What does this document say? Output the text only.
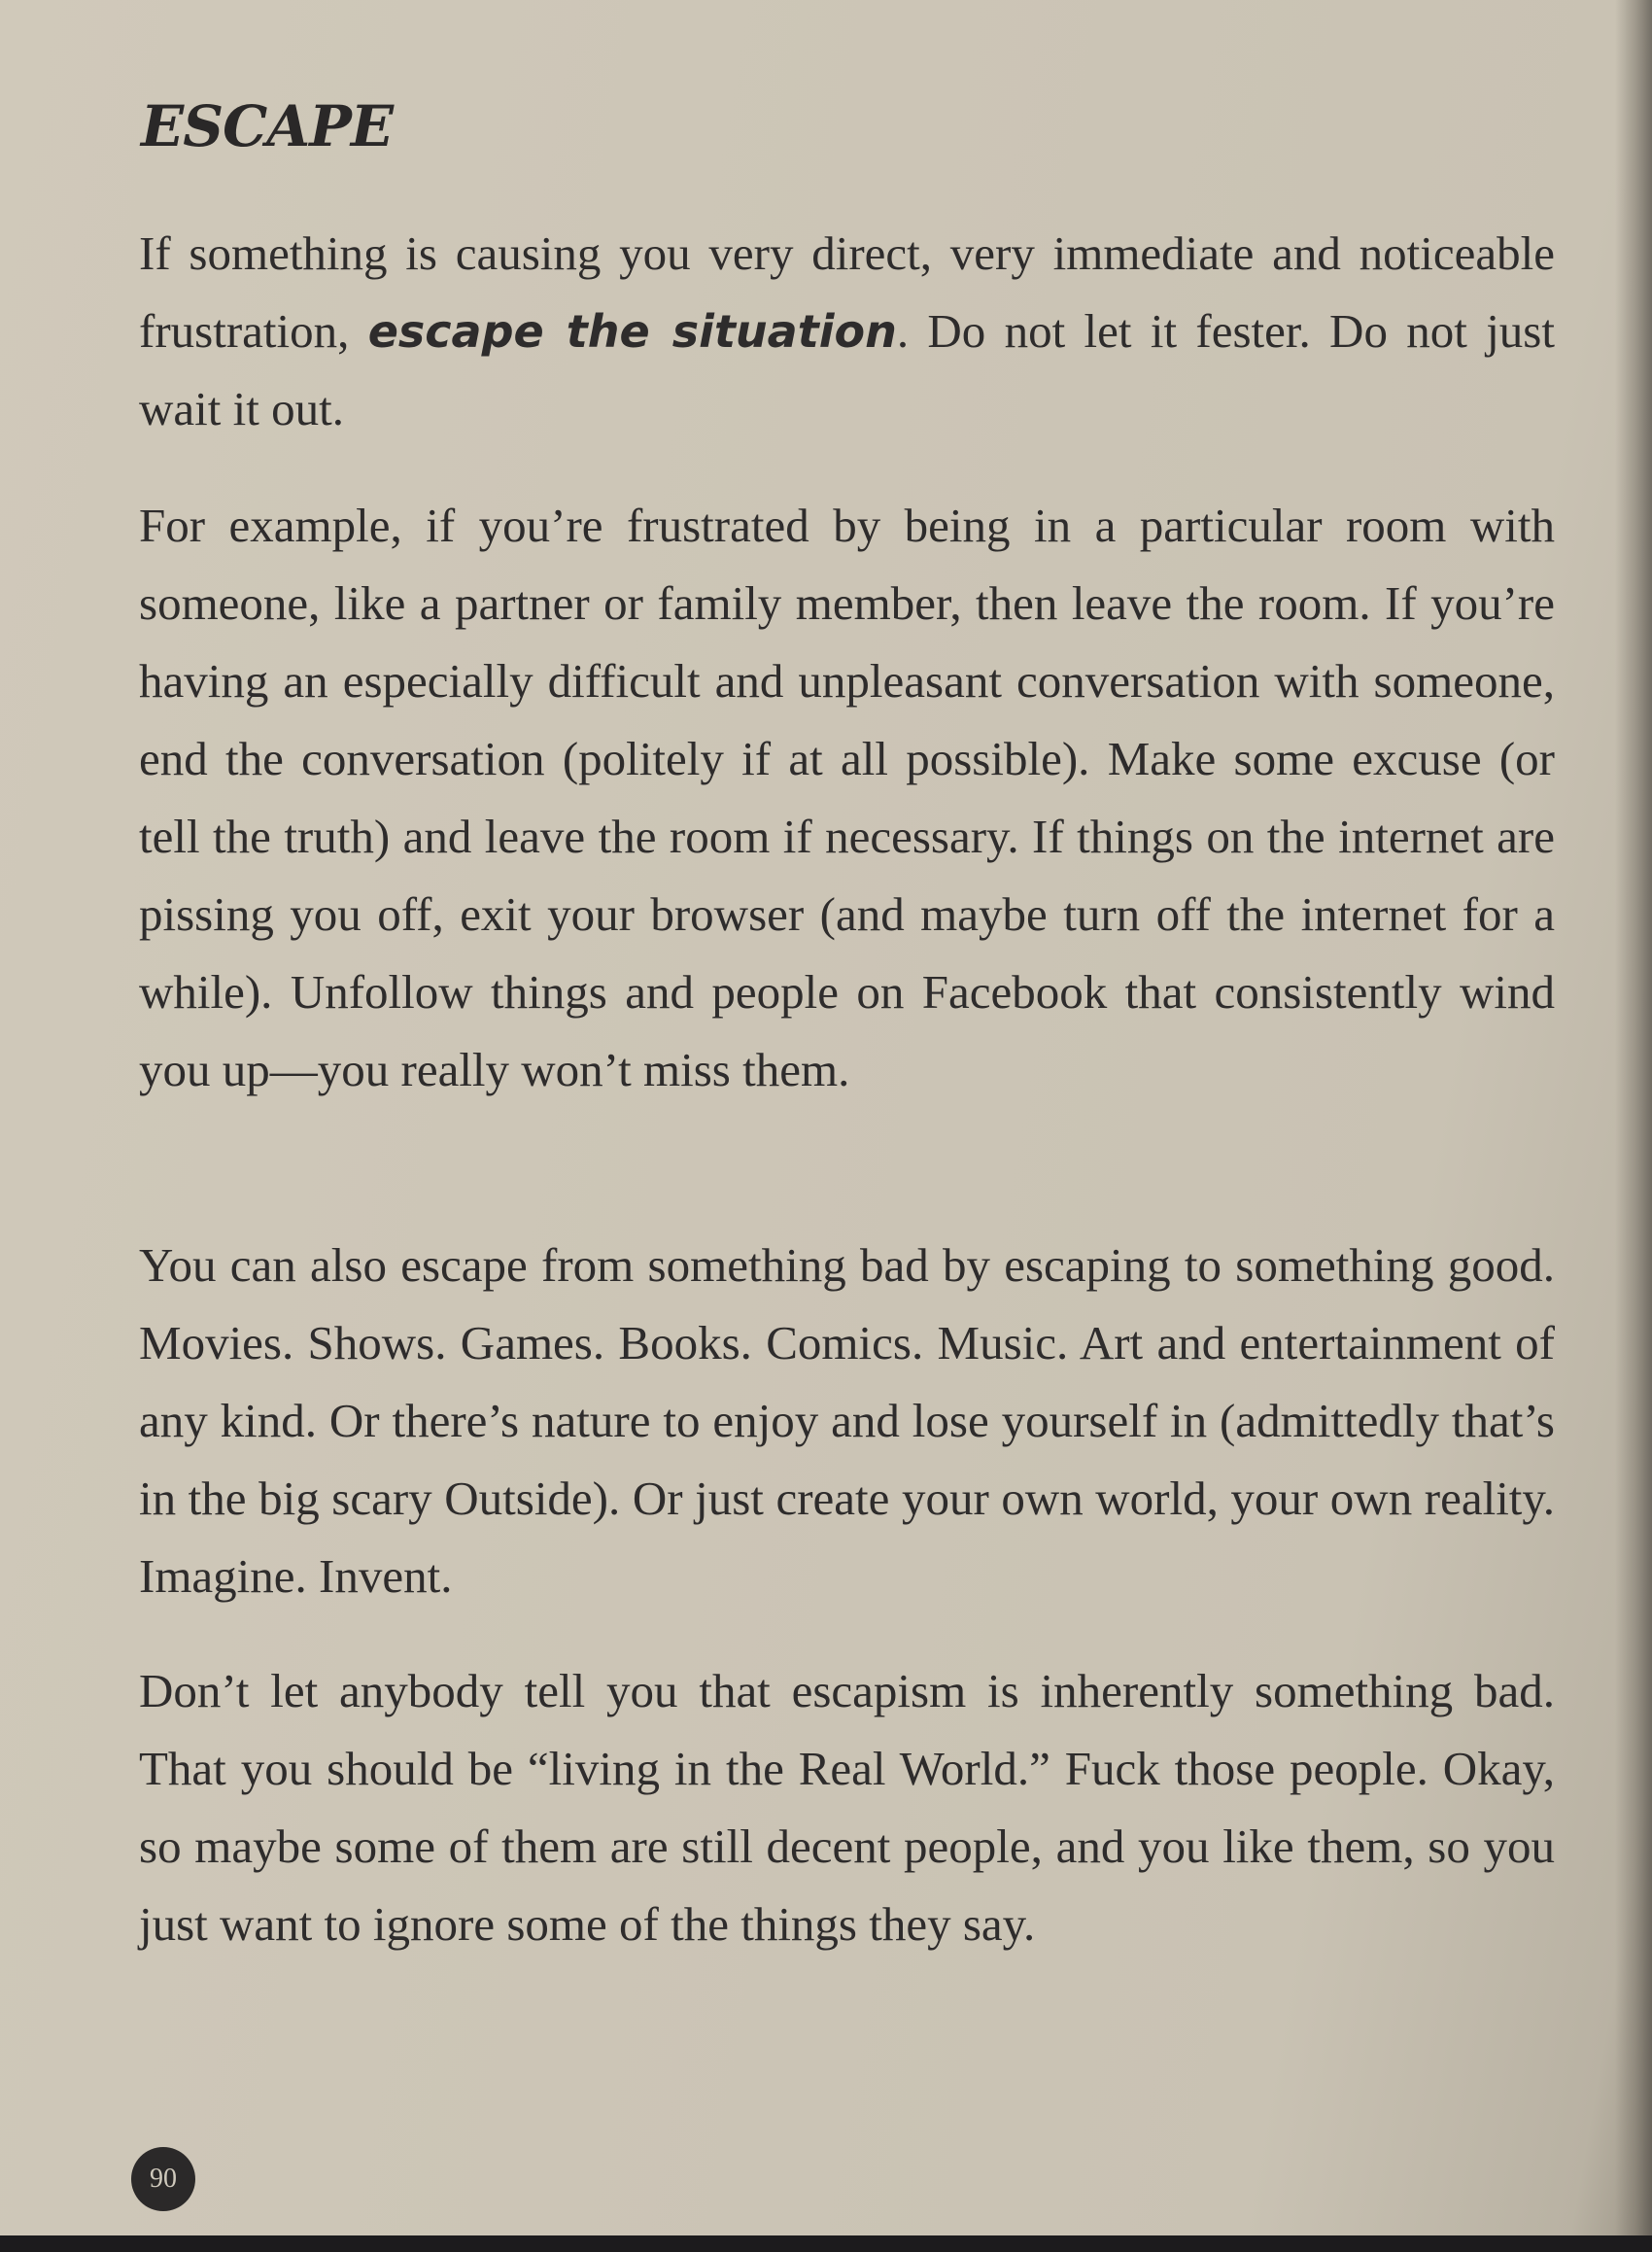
ESCAPE

If something is causing you very direct, very immediate and noticeable frustration, escape the situation. Do not let it fester. Do not just wait it out.

For example, if you’re frustrated by being in a particular room with someone, like a partner or family member, then leave the room. If you’re having an especially difficult and unpleasant conversation with someone, end the conversation (politely if at all possible). Make some excuse (or tell the truth) and leave the room if necessary. If things on the internet are pissing you off, exit your browser (and maybe turn off the internet for a while). Unfollow things and people on Facebook that consistently wind you up—you really won’t miss them.

You can also escape from something bad by escaping to something good. Movies. Shows. Games. Books. Comics. Music. Art and entertainment of any kind. Or there’s nature to enjoy and lose yourself in (admittedly that’s in the big scary Outside). Or just create your own world, your own reality. Imagine. Invent.

Don’t let anybody tell you that escapism is inherently something bad. That you should be “living in the Real World.” Fuck those people. Okay, so maybe some of them are still decent people, and you like them, so you just want to ignore some of the things they say.

90
